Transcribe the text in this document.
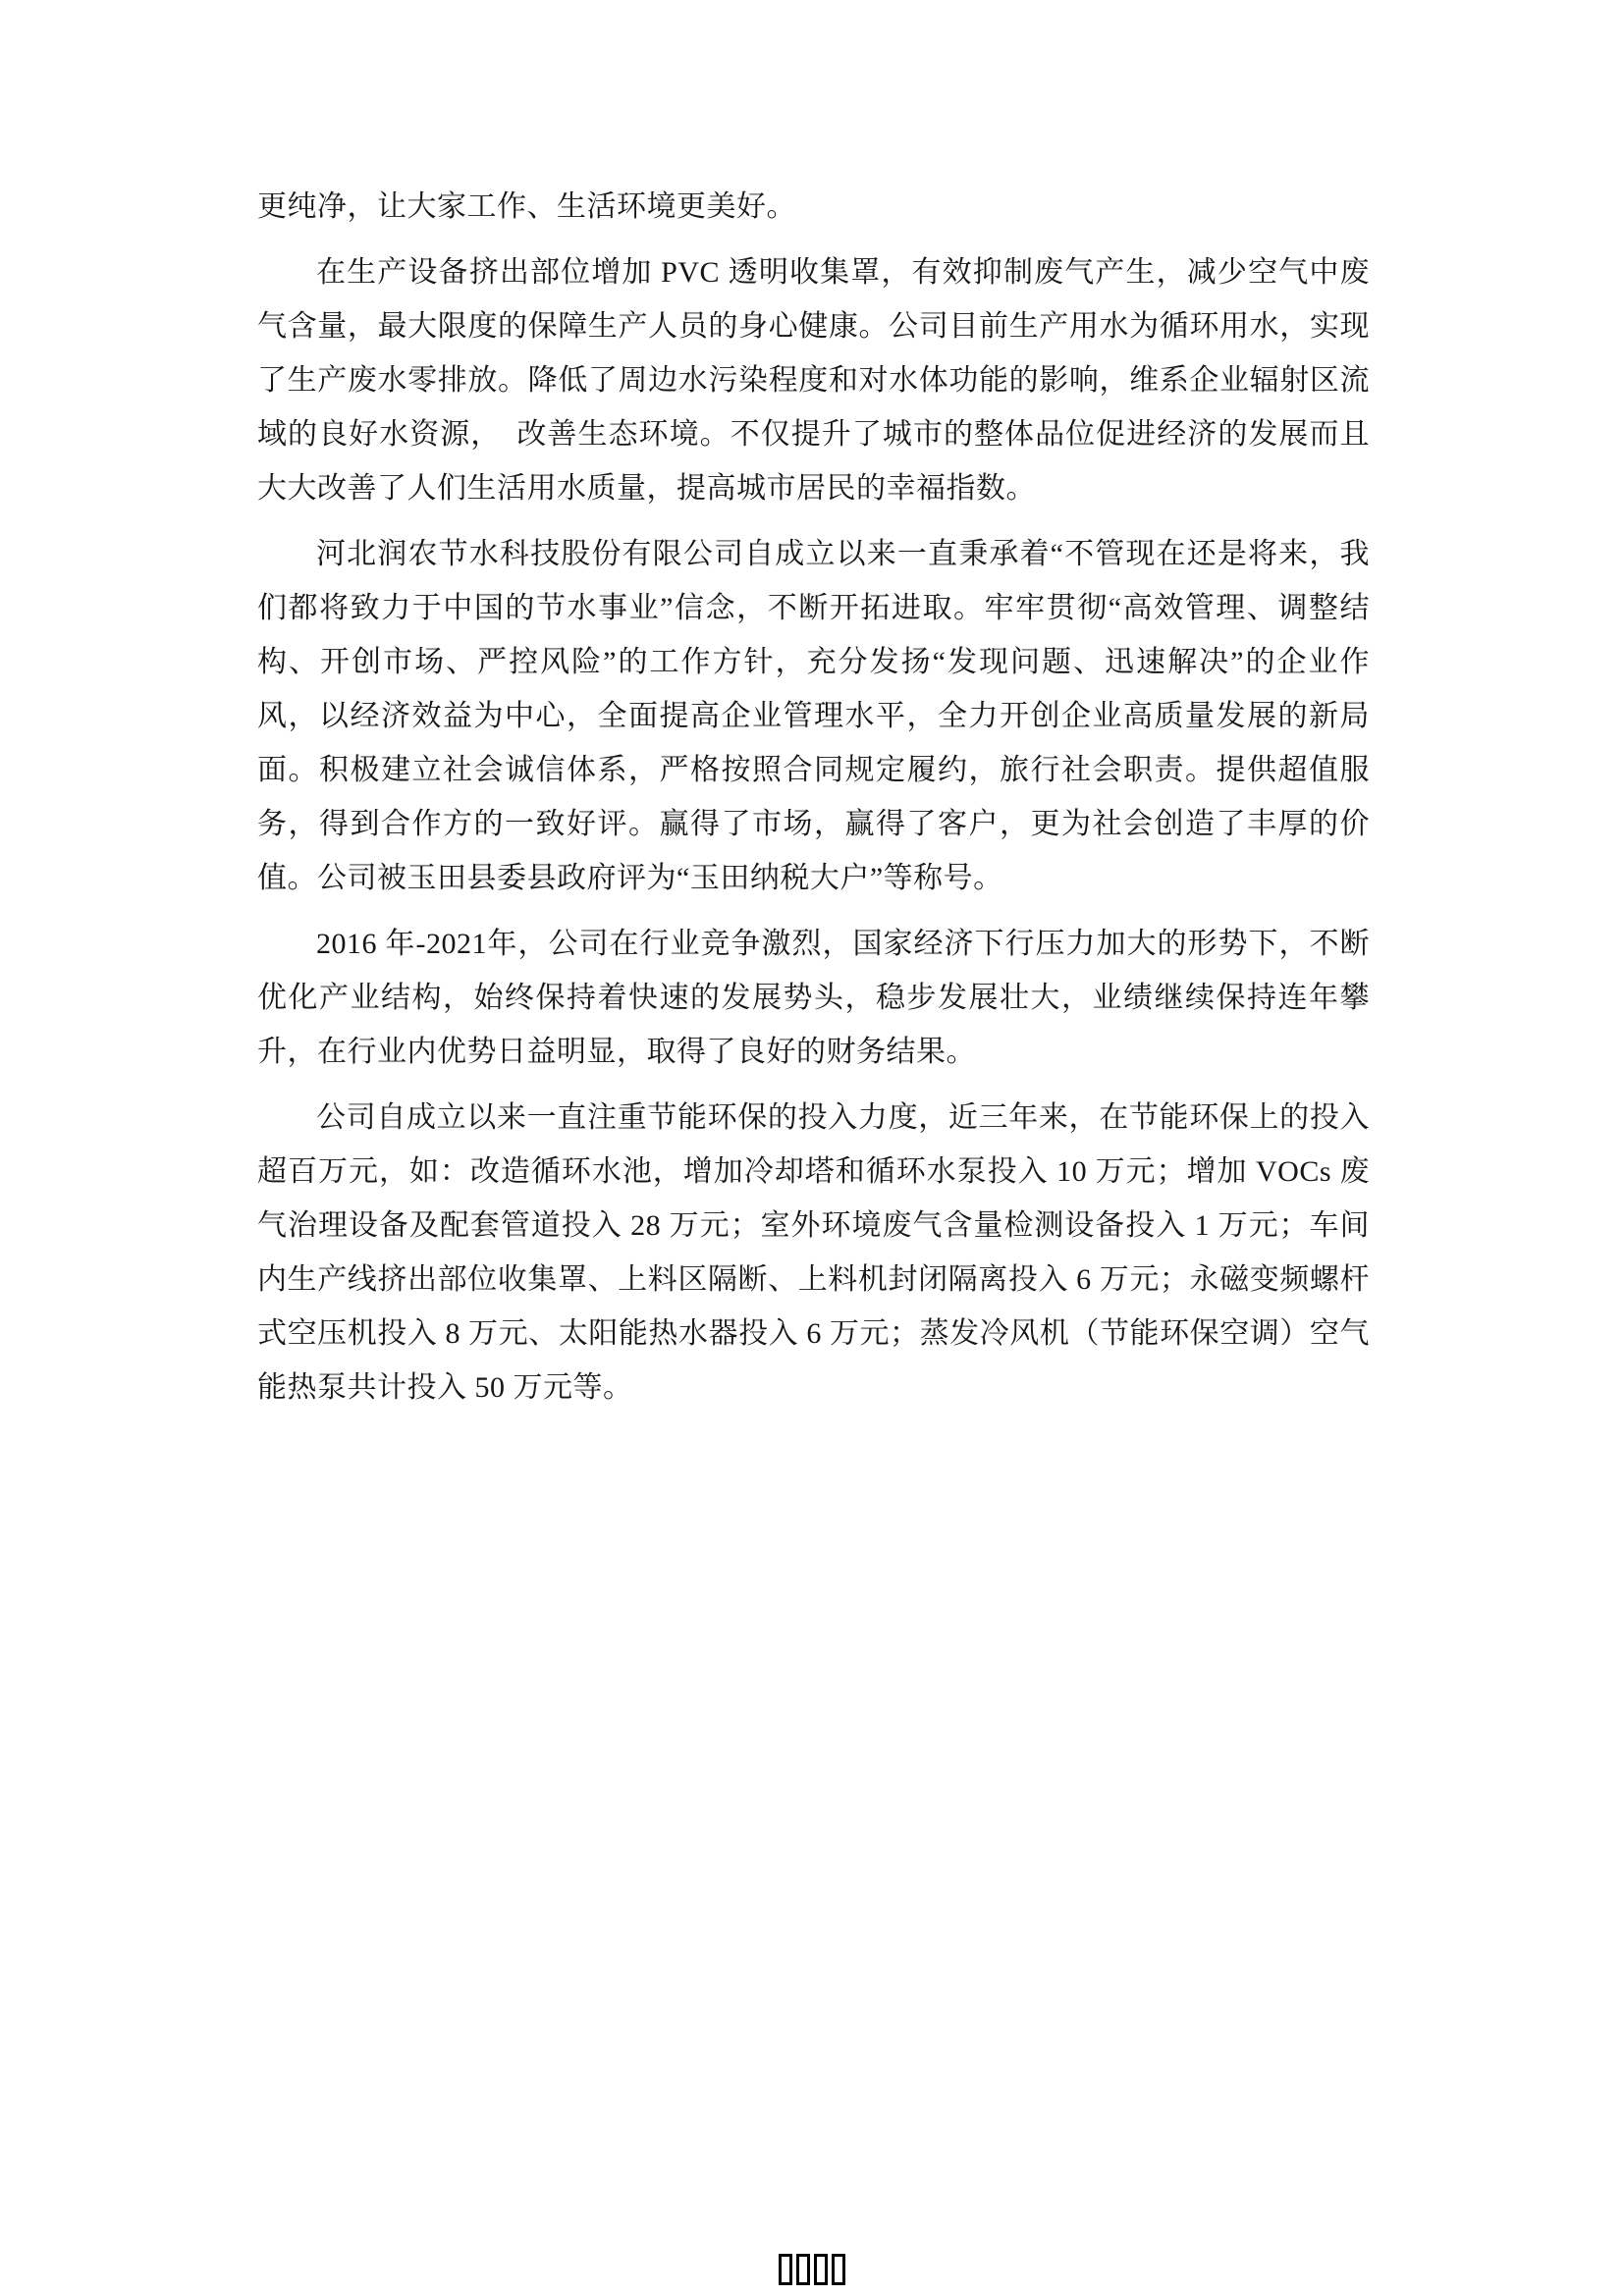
更纯净，让大家工作、生活环境更美好。

在生产设备挤出部位增加 PVC 透明收集罩，有效抑制废气产生，减少空气中废气含量，最大限度的保障生产人员的身心健康。公司目前生产用水为循环用水，实现了生产废水零排放。降低了周边水污染程度和对水体功能的影响，维系企业辐射区流域的良好水资源，　改善生态环境。不仅提升了城市的整体品位促进经济的发展而且大大改善了人们生活用水质量，提高城市居民的幸福指数。

河北润农节水科技股份有限公司自成立以来一直秉承着“不管现在还是将来，我们都将致力于中国的节水事业”信念，不断开拓进取。牢牢贯彻“高效管理、调整结构、开创市场、严控风险”的工作方针，充分发扬“发现问题、迅速解决”的企业作风，以经济效益为中心，全面提高企业管理水平，全力开创企业高质量发展的新局面。积极建立社会诚信体系，严格按照合同规定履约，旅行社会职责。提供超值服务，得到合作方的一致好评。赢得了市场，赢得了客户，更为社会创造了丰厚的价值。公司被玉田县委县政府评为“玉田纳税大户”等称号。

2016 年-2021年，公司在行业竞争激烈，国家经济下行压力加大的形势下，不断优化产业结构，始终保持着快速的发展势头，稳步发展壮大，业绩继续保持连年攀升，在行业内优势日益明显，取得了良好的财务结果。

公司自成立以来一直注重节能环保的投入力度，近三年来，在节能环保上的投入超百万元，如：改造循环水池，增加冷却塔和循环水泵投入 10 万元；增加 VOCs 废气治理设备及配套管道投入 28 万元；室外环境废气含量检测设备投入 1 万元；车间内生产线挤出部位收集罩、上料区隔断、上料机封闭隔离投入 6 万元；永磁变频螺杆式空压机投入 8 万元、太阳能热水器投入 6 万元；蒸发冷风机（节能环保空调）空气能热泵共计投入 50 万元等。
